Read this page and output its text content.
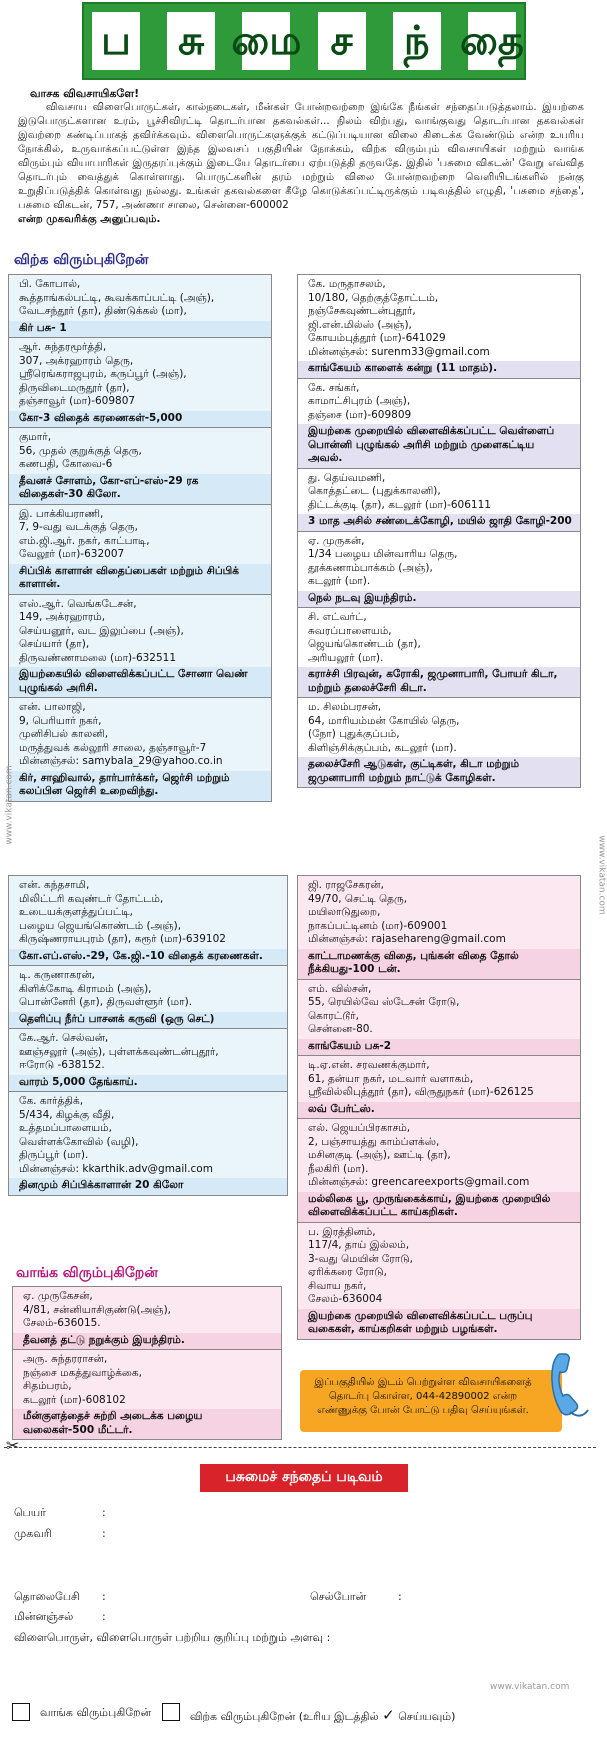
ப சு மை ச	ந் தை
வாசக விவசாயிகளே!
விவசாய விளைபொருட்கள், கால்நடைகள், மீன்கள் போன்றவற்றை இங்கே நீங்கள் சந்தைப்படுத்தலாம். இயற்கை இடுபொருட்களான உரம், பூச்சிவிரட்டி தொடர்பான தகவல்கள்... நிலம் விற்பது, வாங்குவது தொடர்பான தகவல்கள் இவற்றை கண்டிப்பாகத் தவிர்க்கவும். விளைபொருட்களுக்குக் கட்டுப்படியான விலை கிடைக்க வேண்டும் என்ற உயரிய நோக்கில், உருவாக்கப்பட்டுள்ள இந்த இலவசப் பகுதியின் நோக்கம், விற்க விரும்பும் விவசாயிகள் மற்றும் வாங்க விரும்பும் வியாபாரிகள் இருதரப்புக்கும் இடையே தொடர்பை ஏற்படுத்தி தருவதே. இதில் 'பசுமை விகடன்' வேறு எவ்வித தொடர்பும் வைத்துக் கொள்ளாது. பொருட்களின் தரம் மற்றும் விலை போன்றவற்றை வெளியிடங்களில் நன்கு உறுதிப்படுத்திக் கொள்வது நல்லது. உங்கள் தகவல்களை கீழே கொடுக்கப்பட்டிருக்கும் படிவத்தில் எழுதி, 'பசுமை சந்தை', பசுமை விகடன், 757, அண்ணா சாலை, சென்னை-600002
என்ற முகவரிக்கு அனுப்பவும்.
விற்க விரும்புகிறேன்
பி. கோபால்,
கூத்தாங்கல்பட்டி, கூவக்காப்பட்டி (அஞ்),
வேடசந்தூர் (தா), திண்டுக்கல் (மா),
கிர் பசு- 1
ஆர். சுந்தரமூர்த்தி,
307, அக்ரஹாரம் தெரு,
ஸ்ரீரெங்கராஜபுரம், கருப்பூர் (அஞ்),
திருவிடைமருதூர் (தா),
தஞ்சாவூர் (மா)-609807
கோ-3 விதைக் கரணைகள்-5,000
குமார்,
56, முதல் குறுக்குத் தெரு,
கணபதி, கோவை-6
தீவனச் சோளம், கோ-எப்-எஸ்-29 ரக விதைகள்-30 கிலோ.
இ. பாக்கியராணி,
7, 9-வது வடக்குத் தெரு,
எம்.ஜி.ஆர். நகர், காட்பாடி,
வேலூர் (மா)-632007
சிப்பிக் காளான் விதைப்பைகள் மற்றும் சிப்பிக் காளான்.
எஸ்.ஆர். வெங்கடேசன்,
149, அக்ரஹாரம்,
செய்யனூர், வட இலுப்பை (அஞ்),
செய்யார் (தா),
திருவண்ணாமலை (மா)-632511
இயற்கையில் விளைவிக்கப்பட்ட சோனா வெண் புழுங்கல் அரிசி.
என். பாலாஜி,
9, பெரியார் நகர்,
முனிசிபல் காலனி,
மருத்துவக் கல்லூரி சாலை, தஞ்சாவூர்-7
மின்னஞ்சல்: samybala_29@yahoo.co.in
கிர், சாஹிவால், தார்பார்க்கர், ஜெர்சி மற்றும் கலப்பின ஜெர்சி உறைவிந்து.
கே. மருதாசலம்,
10/180, தெற்குத்தோட்டம்,
நஞ்சேகவுண்டன்புதூர்,
ஜி.என்.மில்ஸ் (அஞ்),
கோயம்புத்தூர் (மா)-641029
மின்னஞ்சல்: surenm33@gmail.com
காங்கேயம் காளைக் கன்று (11 மாதம்).
கே. சங்கர்,
காமாட்சிபுரம் (அஞ்),
தஞ்சை (மா)-609809
இயற்கை முறையில் விளைவிக்கப்பட்ட வெள்ளைப் பொன்னி புழுங்கல் அரிசி மற்றும் முளைகட்டிய அவல்.
து. தெய்வமணி,
கொத்தட்டை (புதுக்காலனி),
திட்டக்குடி (தா), கடலூர் (மா)-606111
3 மாத அசில் சண்டைக்கோழி, மயில் ஜாதி கோழி-200
ஏ. முருகன்,
1/34 பழைய மின்வாரிய தெரு,
தூக்கணாம்பாக்கம் (அஞ்),
கடலூர் (மா).
நெல் நடவு இயந்திரம்.
சி. எட்வர்ட்,
சுவரப்பாளையம்,
ஜெயங்கொண்டம் (தா),
அரியலூர் (மா).
கராச்சி பிரவுன், கரோகி, ஜமுனாபாரி, போயர் கிடா, மற்றும் தலைச்சேரி கிடா.
ம. சிலம்பரசன்,
64, மாரியம்மன் கோயில் தெரு,
(நோ) புதுக்குப்பம்,
கிளிஞ்சிக்குப்பம், கடலூர் (மா).
தலைச்சேரி ஆடுகள், குட்டிகள், கிடா மற்றும் ஜமுனாபாரி மற்றும் நாட்டுக் கோழிகள்.
என். கந்தசாமி,
மிலிட்டரி கவுண்டர் தோட்டம்,
உடையக்குளத்துப்பட்டி,
பழைய ஜெயங்கொண்டம் (அஞ்),
கிருஷ்ணராயபுரம் (தா), கரூர் (மா)-639102
கோ.எப்.எஸ்.-29, கே.ஜி.-10 விதைக் கரணைகள்.
டி. கருணாகரன்,
கிளிக்கோடி கிராமம் (அஞ்),
பொன்னேரி (தா), திருவள்ளூர் (மா).
தெளிப்பு நீர்ப் பாசனக் கருவி (ஒரு செட்)
கே.ஆர். செல்வன்,
ஊஞ்சலூர் (அஞ்), புள்ளக்கவுண்டன்புதூர்,
ஈரோடு -638152.
வாரம் 5,000 தேங்காய்.
கே. கார்த்திக்,
5/434, கிழக்கு வீதி,
உத்தமப்பாளையம்,
வெள்ளக்கோவில் (வழி),
திருப்பூர் (மா).
மின்னஞ்சல்: kkarthik.adv@gmail.com
தினமும் சிப்பிக்காளான் 20 கிலோ
ஜி. ராஜசேகரன்,
49/70, செட்டி தெரு,
மயிலாடுதுறை,
நாகப்பட்டினம் (மா)-609001
மின்னஞ்சல்: rajasehareng@gmail.com
காட்டாமணக்கு விதை, புங்கன் விதை தோல் நீக்கியது-100 டன்.
எம். வில்சன்,
55, ரெயில்வே ஸ்டேசன் ரோடு,
கொரட்டூர்,
சென்னை-80.
காங்கேயம் பசு-2
டி.ஏ.என். சரவணக்குமார்,
61, தன்யா நகர், மடவார் வளாகம்,
ஸ்ரீவில்லிபுத்தூர் (தா), விருதுநகர் (மா)-626125
லவ் பேர்ட்ஸ்.
எல். ஜெயப்பிரகாசம்,
2, பஞ்சாயத்து காம்ப்ளக்ஸ்,
மசினகுடி (அஞ்), ஊட்டி (தா),
நீலகிரி (மா).
மின்னஞ்சல்: greencareexports@gmail.com
மல்லிகை பூ, முருங்கைக்காய், இயற்கை முறையில் விளைவிக்கப்பட்ட காய்கறிகள்.
ப. இரத்தினம்,
117/4, தாய் இல்லம்,
3-வது மெயின் ரோடு,
ஏரிக்கரை ரோடு,
சிவாய நகர்,
சேலம்-636004
இயற்கை முறையில் விளைவிக்கப்பட்ட பருப்பு வகைகள், காய்கறிகள் மற்றும் பழங்கள்.
வாங்க விரும்புகிறேன்
ஏ. முருகேசன்,
4/81, சன்னியாசிகுண்டு(அஞ்),
சேலம்-636015.
தீவனத் தட்டு நறுக்கும் இயந்திரம்.
அரு. சுந்தரராசன்,
நஞ்சை மகத்துவாழ்க்கை,
சிதம்பரம்,
கடலூர் (மா)-608102
மீன்குளத்தைச் சுற்றி அடைக்க பழைய வலைகள்-500 மீட்டர்.
இப்பகுதியில் இடம் பெற்றுள்ள விவசாயிகளைத் தொடர்பு கொள்ள, 044-42890002 என்ற எண்ணுக்கு போன் போட்டு பதிவு செய்யுங்கள்.
✂
பசுமைச் சந்தைப் படிவம்
பெயர்	:
முகவரி	:
தொலைபேசி :	செல்போன்	:
மின்னஞ்சல்	:
விளைபொருள், விளைபொருள் பற்றிய குறிப்பு மற்றும் அளவு :
வாங்க விரும்புகிறேன்	விற்க விரும்புகிறேன் (உரிய இடத்தில் ✓ செய்யவும்)
www.vikatan.com
www.vikatan.com
www.vikatan.com
